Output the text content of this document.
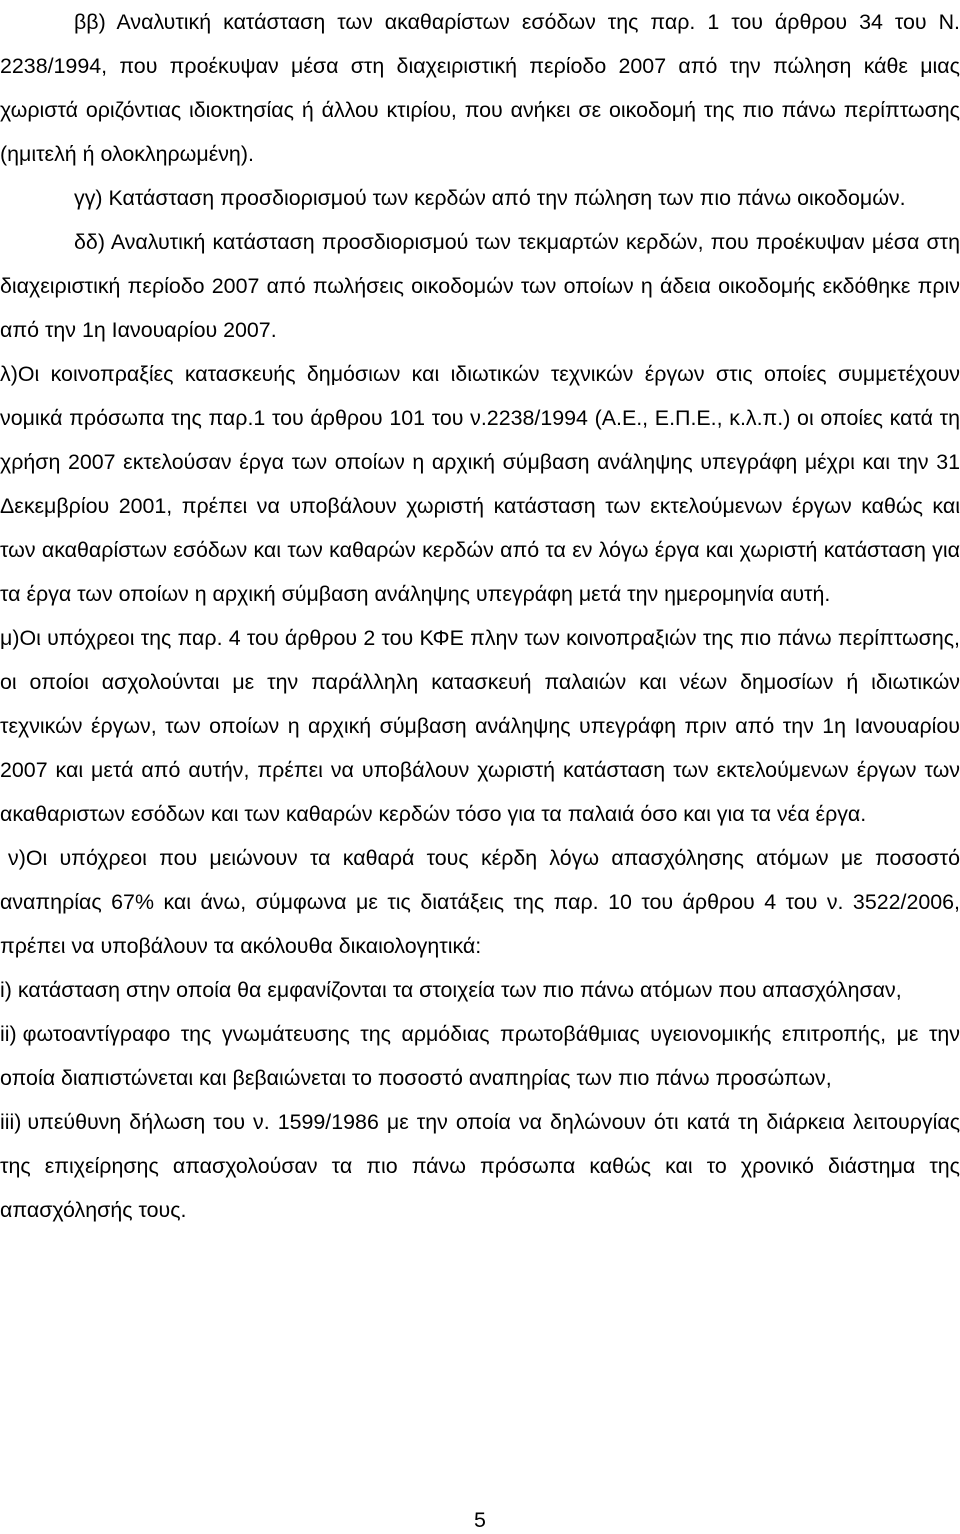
ββ) Αναλυτική κατάσταση των ακαθαρίστων εσόδων της παρ. 1 του άρθρου 34 του Ν. 2238/1994, που προέκυψαν μέσα στη διαχειριστική περίοδο 2007 από την πώληση κάθε μιας χωριστά οριζόντιας ιδιοκτησίας ή άλλου κτιρίου, που ανήκει σε οικοδομή της πιο πάνω περίπτωσης (ημιτελή ή ολοκληρωμένη).

γγ) Κατάσταση προσδιορισμού των κερδών από την πώληση των πιο πάνω οικοδομών.

δδ) Αναλυτική κατάσταση προσδιορισμού των τεκμαρτών κερδών, που προέκυψαν μέσα στη διαχειριστική περίοδο 2007 από πωλήσεις οικοδομών των οποίων η άδεια οικοδομής εκδόθηκε πριν από την 1η Ιανουαρίου 2007.

λ)Οι κοινοπραξίες κατασκευής δημόσιων και ιδιωτικών τεχνικών έργων στις οποίες συμμετέχουν νομικά πρόσωπα της παρ.1 του άρθρου 101 του ν.2238/1994 (Α.Ε., Ε.Π.Ε., κ.λ.π.) οι οποίες κατά τη χρήση 2007 εκτελούσαν έργα των οποίων η αρχική σύμβαση ανάληψης υπεγράφη μέχρι και την 31 Δεκεμβρίου 2001, πρέπει να υποβάλουν χωριστή κατάσταση των εκτελούμενων έργων καθώς και των ακαθαρίστων εσόδων και των καθαρών κερδών από τα εν λόγω έργα και χωριστή κατάσταση για τα έργα των οποίων η αρχική σύμβαση ανάληψης υπεγράφη μετά την ημερομηνία αυτή.

μ)Οι υπόχρεοι της παρ. 4 του άρθρου 2 του ΚΦΕ πλην των κοινοπραξιών της πιο πάνω περίπτωσης, οι οποίοι ασχολούνται με την παράλληλη κατασκευή παλαιών και νέων δημοσίων ή ιδιωτικών τεχνικών έργων, των οποίων η αρχική σύμβαση ανάληψης υπεγράφη πριν από την 1η Ιανουαρίου 2007 και μετά από αυτήν, πρέπει να υποβάλουν χωριστή κατάσταση των εκτελούμενων έργων των ακαθαριστων εσόδων και των καθαρών κερδών τόσο για τα παλαιά όσο και για τα νέα έργα.

ν)Οι υπόχρεοι που μειώνουν τα καθαρά τους κέρδη λόγω απασχόλησης ατόμων με ποσοστό αναπηρίας 67% και άνω, σύμφωνα με τις διατάξεις της παρ. 10 του άρθρου 4 του ν. 3522/2006, πρέπει να υποβάλουν τα ακόλουθα δικαιολογητικά:

i) κατάσταση στην οποία θα εμφανίζονται τα στοιχεία των πιο πάνω ατόμων που απασχόλησαν,

ii) φωτοαντίγραφο της γνωμάτευσης της αρμόδιας πρωτοβάθμιας υγειονομικής επιτροπής, με την οποία διαπιστώνεται και βεβαιώνεται το ποσοστό αναπηρίας των πιο πάνω προσώπων,

iii) υπεύθυνη δήλωση του ν. 1599/1986 με την οποία να δηλώνουν ότι κατά τη διάρκεια λειτουργίας της επιχείρησης απασχολούσαν τα πιο πάνω πρόσωπα καθώς και το χρονικό διάστημα της απασχόλησής τους.

5
